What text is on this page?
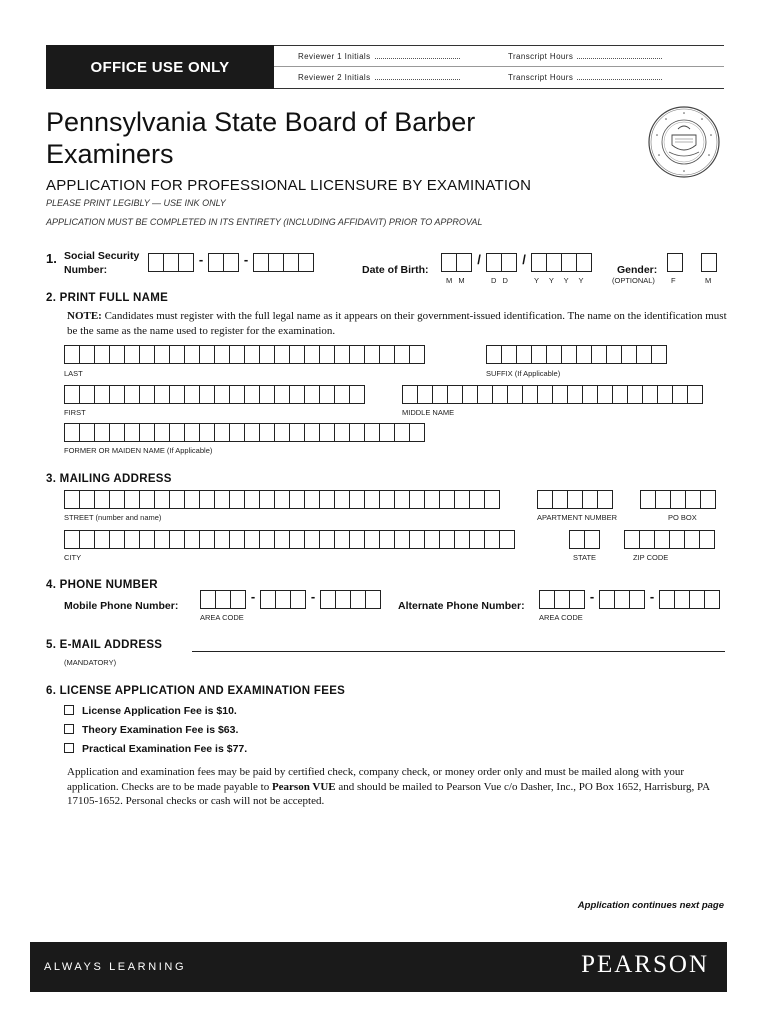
OFFICE USE ONLY
Reviewer 1 Initials
Reviewer 2 Initials
Transcript Hours
Transcript Hours
Pennsylvania State Board of Barber Examiners
APPLICATION FOR PROFESSIONAL LICENSURE BY EXAMINATION
PLEASE PRINT LEGIBLY — USE INK ONLY
APPLICATION MUST BE COMPLETED IN ITS ENTIRETY (INCLUDING AFFIDAVIT) PRIOR TO APPROVAL
1. Social Security
Number:
-	-
Date of Birth:
/	/
M M	D D	Y Y Y Y
Gender:
(OPTIONAL) F	M
2. PRINT FULL NAME
NOTE: Candidates must register with the full legal name as it appears on their government-issued identification. The name on the identification must be the same as the name used to register for the examination.
LAST	SUFFIX (If Applicable)
FIRST	MIDDLE NAME
FORMER OR MAIDEN NAME (If Applicable)
3. MAILING ADDRESS
STREET (number and name)	APARTMENT NUMBER	PO BOX
CITY	STATE	ZIP CODE
4. PHONE NUMBER
Mobile Phone Number:
-	-
AREA CODE
Alternate Phone Number:
-	-
AREA CODE
5. E-MAIL ADDRESS
(MANDATORY)
6. LICENSE APPLICATION AND EXAMINATION FEES
License Application Fee is $10.
Theory Examination Fee is $63.
Practical Examination Fee is $77.
Application and examination fees may be paid by certified check, company check, or money order only and must be mailed along with your application. Checks are to be made payable to Pearson VUE and should be mailed to Pearson Vue c/o Dasher, Inc., PO Box 1652, Harrisburg, PA 17105-1652. Personal checks or cash will not be accepted.
Application continues next page
ALWAYS LEARNING	PEARSON
